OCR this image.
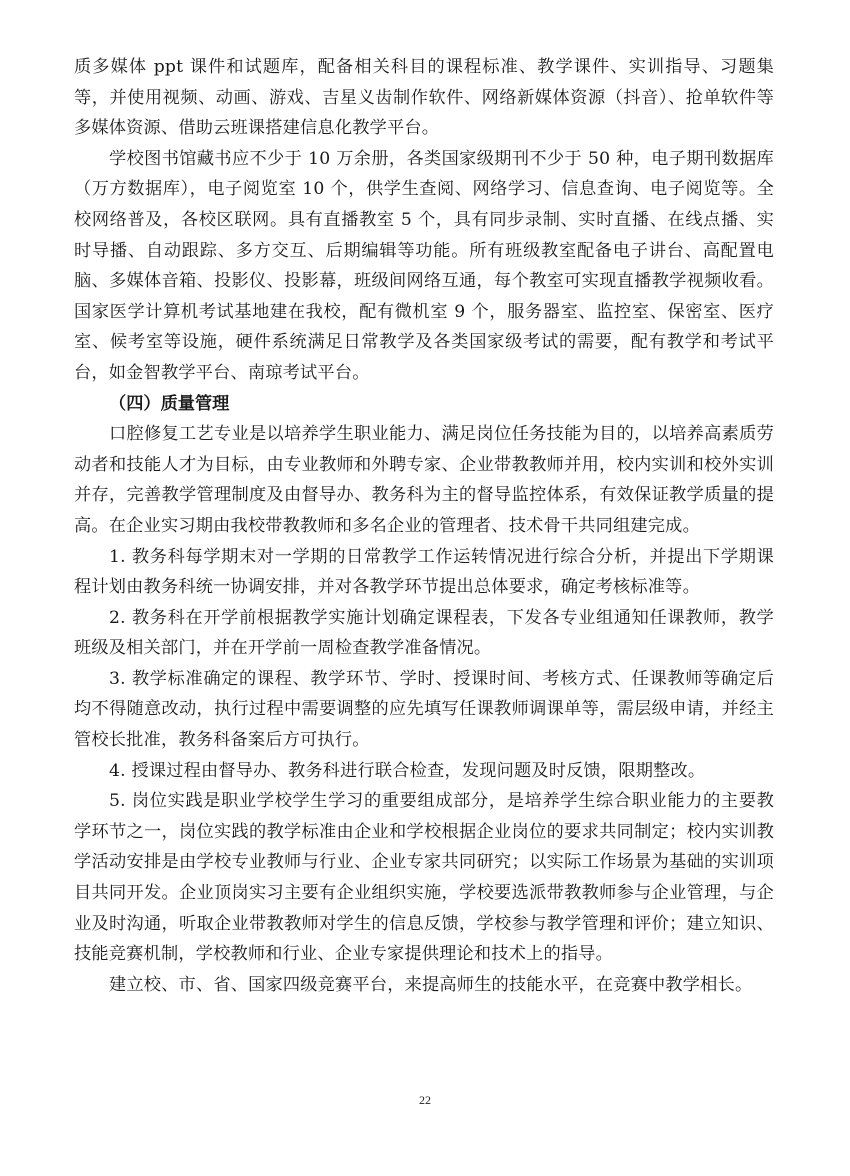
质多媒体 ppt 课件和试题库，配备相关科目的课程标准、教学课件、实训指导、习题集等，并使用视频、动画、游戏、吉星义齿制作软件、网络新媒体资源（抖音）、抢单软件等多媒体资源、借助云班课搭建信息化教学平台。

学校图书馆藏书应不少于 10 万余册，各类国家级期刊不少于 50 种，电子期刊数据库（万方数据库），电子阅览室 10 个，供学生查阅、网络学习、信息查询、电子阅览等。全校网络普及，各校区联网。具有直播教室 5 个，具有同步录制、实时直播、在线点播、实时导播、自动跟踪、多方交互、后期编辑等功能。所有班级教室配备电子讲台、高配置电脑、多媒体音箱、投影仪、投影幕，班级间网络互通，每个教室可实现直播教学视频收看。国家医学计算机考试基地建在我校，配有微机室 9 个，服务器室、监控室、保密室、医疗室、候考室等设施，硬件系统满足日常教学及各类国家级考试的需要，配有教学和考试平台，如金智教学平台、南琼考试平台。

（四）质量管理

口腔修复工艺专业是以培养学生职业能力、满足岗位任务技能为目的，以培养高素质劳动者和技能人才为目标，由专业教师和外聘专家、企业带教教师并用，校内实训和校外实训并存，完善教学管理制度及由督导办、教务科为主的督导监控体系，有效保证教学质量的提高。在企业实习期由我校带教教师和多名企业的管理者、技术骨干共同组建完成。

1. 教务科每学期末对一学期的日常教学工作运转情况进行综合分析，并提出下学期课程计划由教务科统一协调安排，并对各教学环节提出总体要求，确定考核标准等。

2. 教务科在开学前根据教学实施计划确定课程表，下发各专业组通知任课教师，教学班级及相关部门，并在开学前一周检查教学准备情况。

3. 教学标准确定的课程、教学环节、学时、授课时间、考核方式、任课教师等确定后均不得随意改动，执行过程中需要调整的应先填写任课教师调课单等，需层级申请，并经主管校长批准，教务科备案后方可执行。

4. 授课过程由督导办、教务科进行联合检查，发现问题及时反馈，限期整改。

5. 岗位实践是职业学校学生学习的重要组成部分，是培养学生综合职业能力的主要教学环节之一，岗位实践的教学标准由企业和学校根据企业岗位的要求共同制定；校内实训教学活动安排是由学校专业教师与行业、企业专家共同研究；以实际工作场景为基础的实训项目共同开发。企业顶岗实习主要有企业组织实施，学校要选派带教教师参与企业管理，与企业及时沟通，听取企业带教教师对学生的信息反馈，学校参与教学管理和评价；建立知识、技能竞赛机制，学校教师和行业、企业专家提供理论和技术上的指导。

建立校、市、省、国家四级竞赛平台，来提高师生的技能水平，在竞赛中教学相长。

22
